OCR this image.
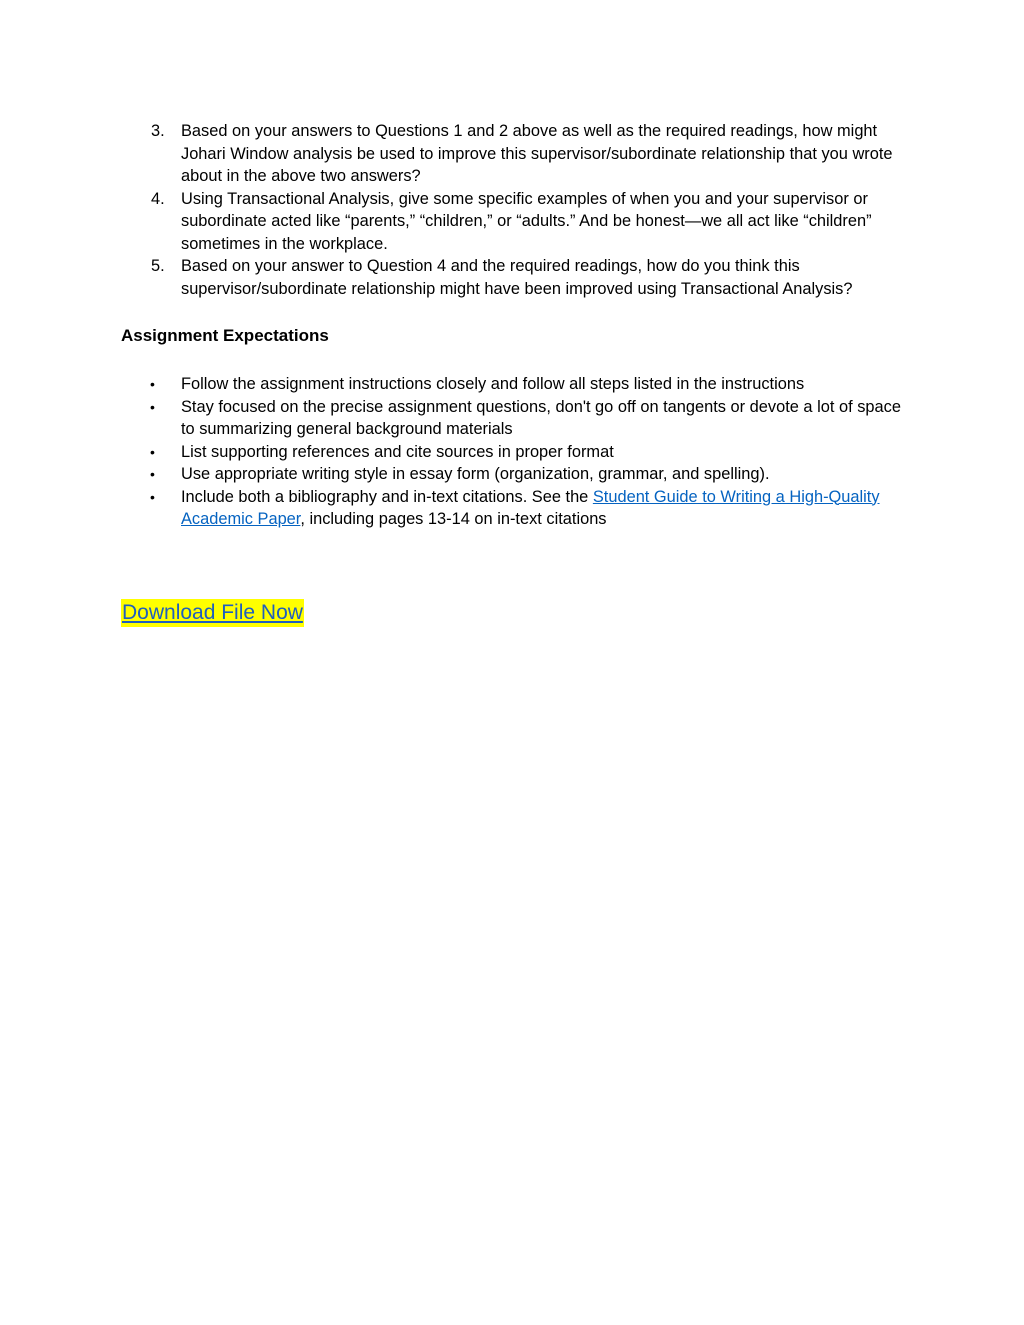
3. Based on your answers to Questions 1 and 2 above as well as the required readings, how might Johari Window analysis be used to improve this supervisor/subordinate relationship that you wrote about in the above two answers?
4. Using Transactional Analysis, give some specific examples of when you and your supervisor or subordinate acted like “parents,” “children,” or “adults.” And be honest—we all act like “children” sometimes in the workplace.
5. Based on your answer to Question 4 and the required readings, how do you think this supervisor/subordinate relationship might have been improved using Transactional Analysis?
Assignment Expectations
• Follow the assignment instructions closely and follow all steps listed in the instructions
• Stay focused on the precise assignment questions, don't go off on tangents or devote a lot of space to summarizing general background materials
• List supporting references and cite sources in proper format
• Use appropriate writing style in essay form (organization, grammar, and spelling).
• Include both a bibliography and in-text citations. See the Student Guide to Writing a High-Quality Academic Paper, including pages 13-14 on in-text citations
Download File Now
